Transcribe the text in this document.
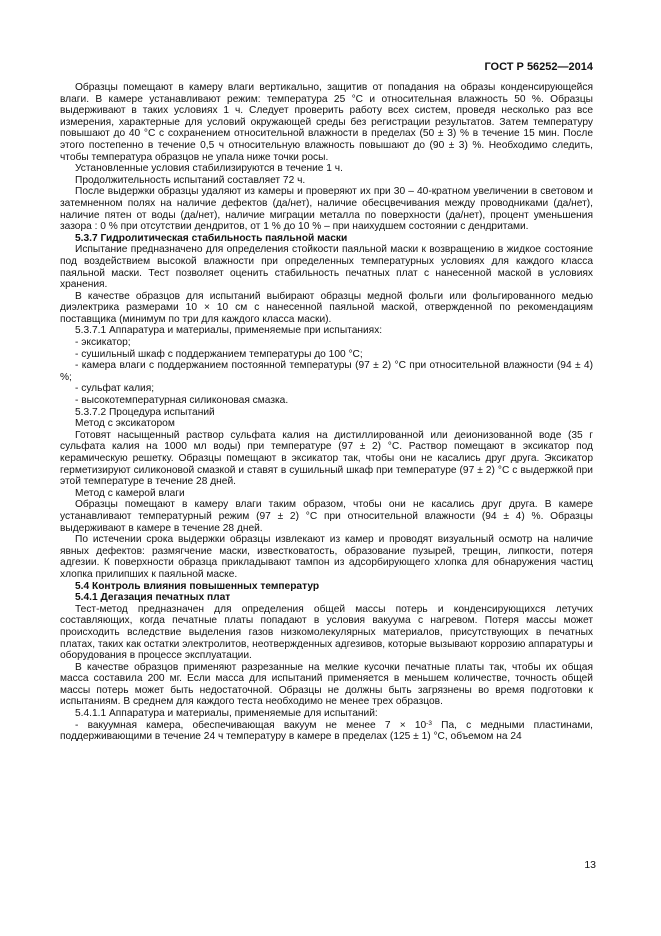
ГОСТ Р 56252—2014

Образцы помещают в камеру влаги вертикально, защитив от попадания на образы конденсирующейся влаги. В камере устанавливают режим: температура 25 °С и относительная влажность 50 %. Образцы выдерживают в таких условиях 1 ч. Следует проверить работу всех систем, проведя несколько раз все измерения, характерные для условий окружающей среды без регистрации результатов. Затем температуру повышают до 40 °С с сохранением относительной влажности в пределах (50 ± 3) % в течение 15 мин. После этого постепенно в течение 0,5 ч относительную влажность повышают до (90 ± 3) %. Необходимо следить, чтобы температура образцов не упала ниже точки росы.

Установленные условия стабилизируются в течение 1 ч.

Продолжительность испытаний составляет 72 ч.

После выдержки образцы удаляют из камеры и проверяют их при 30 – 40-кратном увеличении в световом и затемненном полях на наличие дефектов (да/нет), наличие обесцвечивания между проводниками (да/нет), наличие пятен от воды (да/нет), наличие миграции металла по поверхности (да/нет), процент уменьшения зазора : 0 % при отсутствии дендритов, от 1 % до 10 % – при наихудшем состоянии с дендритами.

5.3.7 Гидролитическая стабильность паяльной маски

Испытание предназначено для определения стойкости паяльной маски к возвращению в жидкое состояние под воздействием высокой влажности при определенных температурных условиях для каждого класса паяльной маски. Тест позволяет оценить стабильность печатных плат с нанесенной маской в условиях хранения.

В качестве образцов для испытаний выбирают образцы медной фольги или фольгированного медью диэлектрика размерами 10 × 10 см с нанесенной паяльной маской, отвержденной по рекомендациям поставщика (минимум по три для каждого класса маски).

5.3.7.1 Аппаратура и материалы, применяемые при испытаниях:

- эксикатор;

- сушильный шкаф с поддержанием температуры до 100 °С;

- камера влаги с поддержанием постоянной температуры (97 ± 2) °С при относительной влажности (94 ± 4) %;

- сульфат калия;

- высокотемпературная силиконовая смазка.

5.3.7.2 Процедура испытаний

Метод с эксикатором

Готовят насыщенный раствор сульфата калия на дистиллированной или деионизованной воде (35 г сульфата калия на 1000 мл воды) при температуре (97 ± 2) °С. Раствор помещают в эксикатор под керамическую решетку. Образцы помещают в эксикатор так, чтобы они не касались друг друга. Эксикатор герметизируют силиконовой смазкой и ставят в сушильный шкаф при температуре (97 ± 2) °С с выдержкой при этой температуре в течение 28 дней.

Метод с камерой влаги

Образцы помещают в камеру влаги таким образом, чтобы они не касались друг друга. В камере устанавливают температурный режим (97 ± 2) °С при относительной влажности (94 ± 4) %. Образцы выдерживают в камере в течение 28 дней.

По истечении срока выдержки образцы извлекают из камер и проводят визуальный осмотр на наличие явных дефектов: размягчение маски, известковатость, образование пузырей, трещин, липкости, потеря адгезии. К поверхности образца прикладывают тампон из адсорбирующего хлопка для обнаружения частиц хлопка прилипших к паяльной маске.

5.4 Контроль влияния повышенных температур

5.4.1 Дегазация печатных плат

Тест-метод предназначен для определения общей массы потерь и конденсирующихся летучих составляющих, когда печатные платы попадают в условия вакуума с нагревом. Потеря массы может происходить вследствие выделения газов низкомолекулярных материалов, присутствующих в печатных платах, таких как остатки электролитов, неотвержденных адгезивов, которые вызывают коррозию аппаратуры и оборудования в процессе эксплуатации.

В качестве образцов применяют разрезанные на мелкие кусочки печатные платы так, чтобы их общая масса составила 200 мг. Если масса для испытаний применяется в меньшем количестве, точность общей массы потерь может быть недостаточной. Образцы не должны быть загрязнены во время подготовки к испытаниям. В среднем для каждого теста необходимо не менее трех образцов.

5.4.1.1 Аппаратура и материалы, применяемые для испытаний:

- вакуумная камера, обеспечивающая вакуум не менее $7 \times 10^{-3}$ Па, с медными пластинами, поддерживающими в течение 24 ч температуру в камере в пределах (125 ± 1) °С, объемом на 24

13
